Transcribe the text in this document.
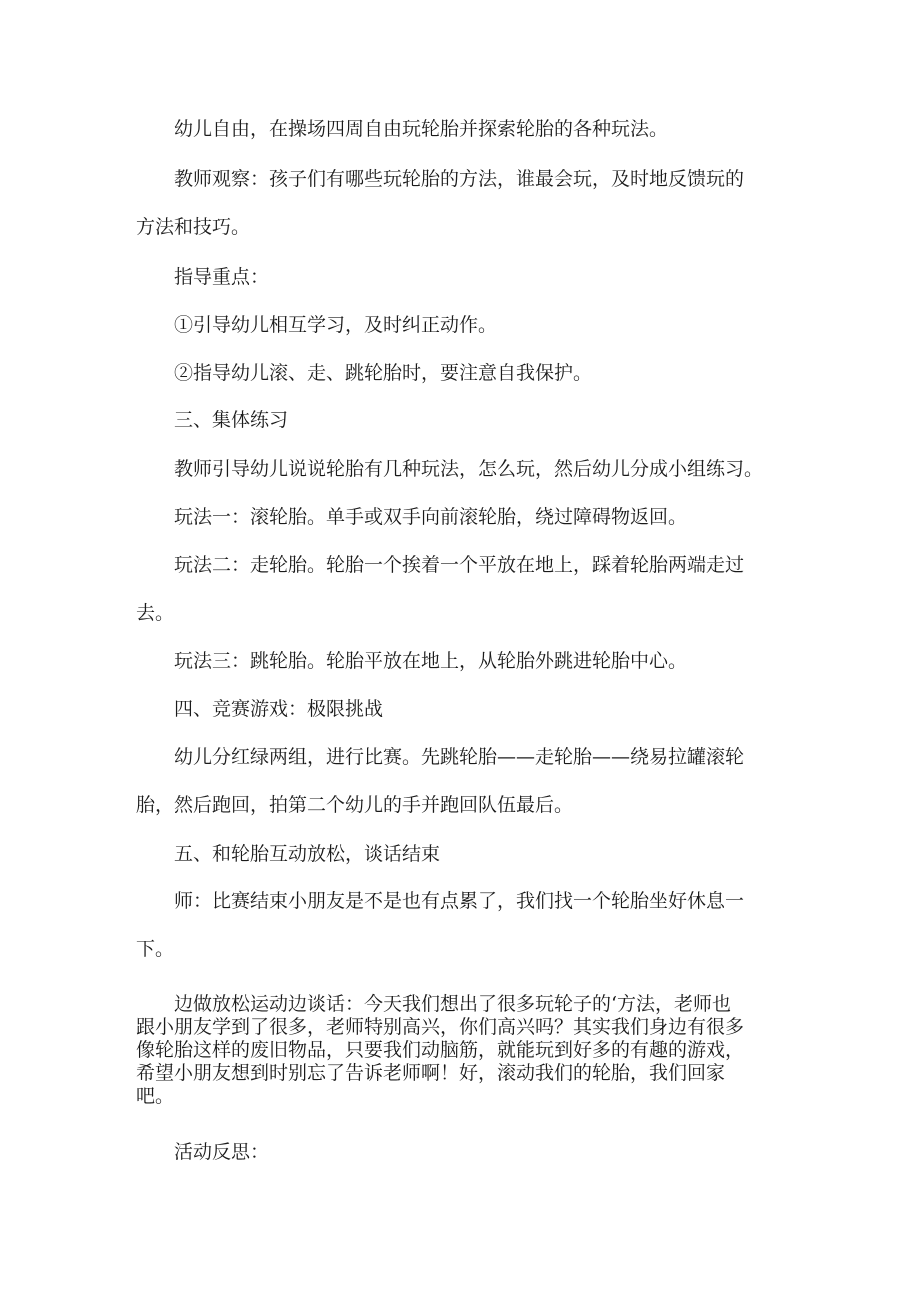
　　幼儿自由，在操场四周自由玩轮胎并探索轮胎的各种玩法。

　　教师观察：孩子们有哪些玩轮胎的方法，谁最会玩，及时地反馈玩的
方法和技巧。

　　指导重点：

　　①引导幼儿相互学习，及时纠正动作。

　　②指导幼儿滚、走、跳轮胎时，要注意自我保护。

　　三、集体练习

　　教师引导幼儿说说轮胎有几种玩法，怎么玩，然后幼儿分成小组练习。

　　玩法一：滚轮胎。单手或双手向前滚轮胎，绕过障碍物返回。

　　玩法二：走轮胎。轮胎一个挨着一个平放在地上，踩着轮胎两端走过
去。

　　玩法三：跳轮胎。轮胎平放在地上，从轮胎外跳进轮胎中心。

　　四、竞赛游戏：极限挑战

　　幼儿分红绿两组，进行比赛。先跳轮胎——走轮胎——绕易拉罐滚轮
胎，然后跑回，拍第二个幼儿的手并跑回队伍最后。

　　五、和轮胎互动放松，谈话结束

　　师：比赛结束小朋友是不是也有点累了，我们找一个轮胎坐好休息一
下。

　　边做放松运动边谈话：今天我们想出了很多玩轮子的‘方法，老师也
跟小朋友学到了很多，老师特别高兴，你们高兴吗？其实我们身边有很多
像轮胎这样的废旧物品，只要我们动脑筋，就能玩到好多的有趣的游戏，
希望小朋友想到时别忘了告诉老师啊！好，滚动我们的轮胎，我们回家
吧。

　　活动反思：
